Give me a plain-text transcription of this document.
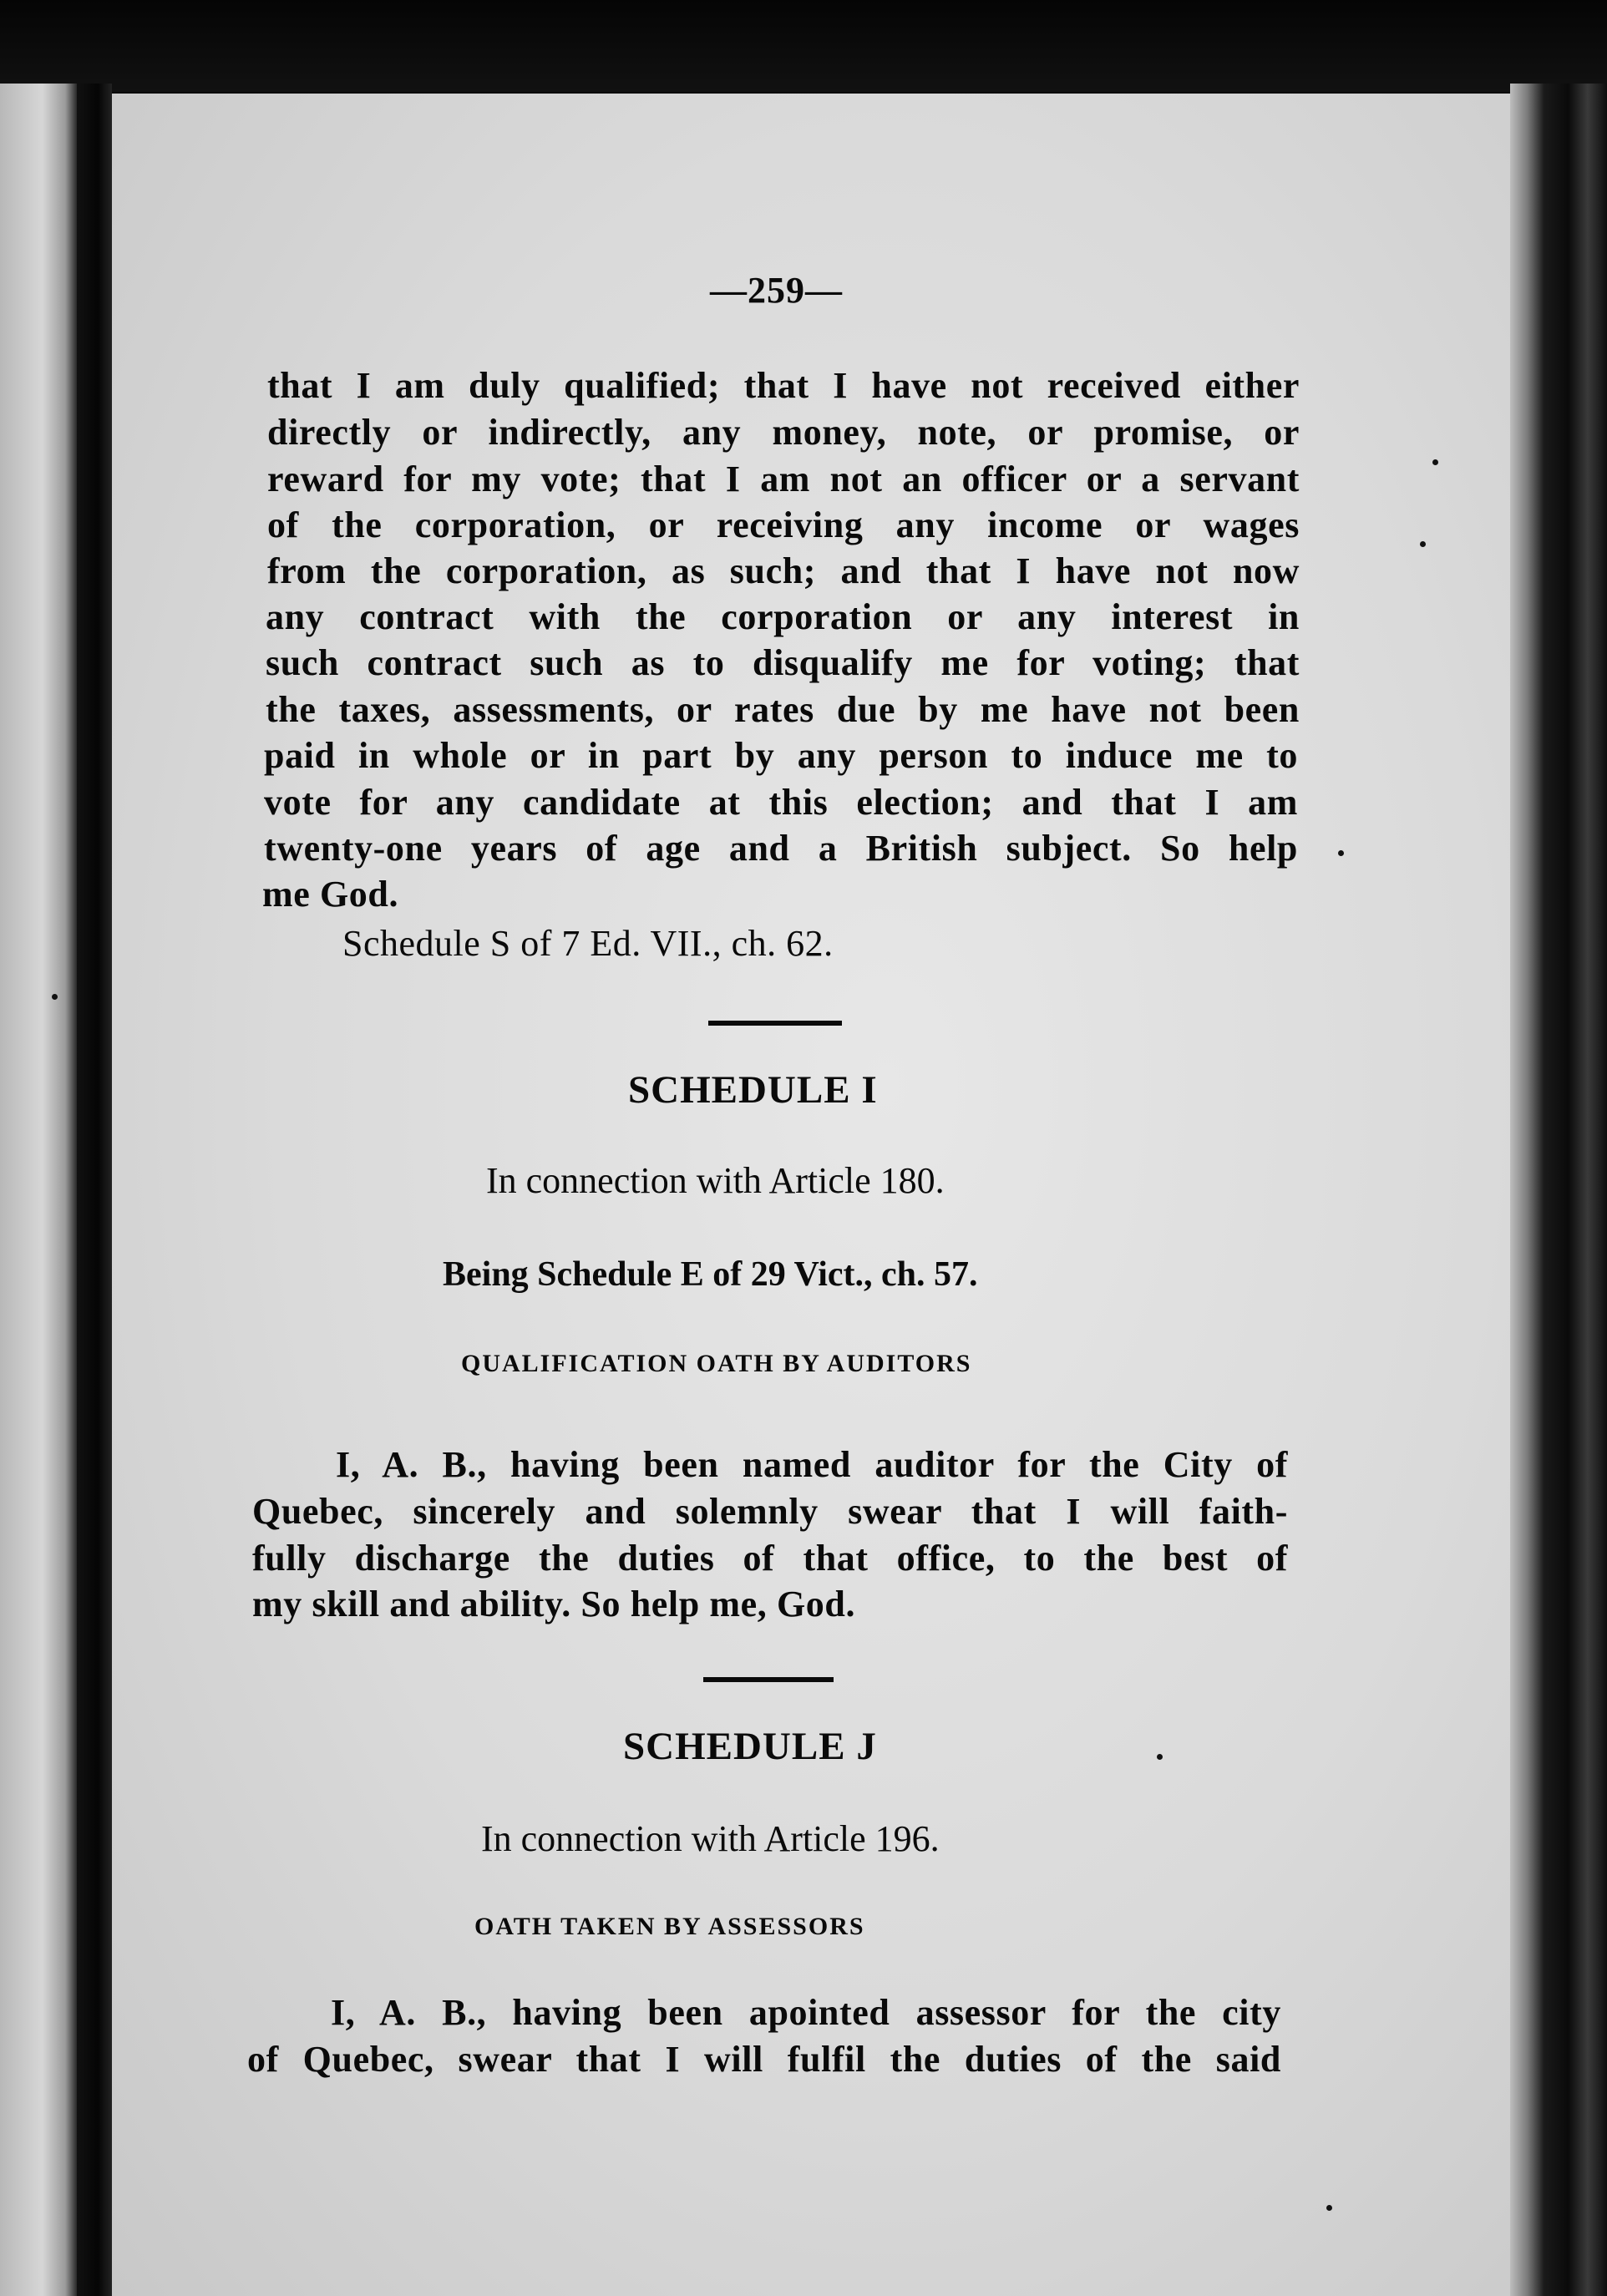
—259—
that I am duly qualified; that I have not received either
directly or indirectly, any money, note, or promise, or
reward for my vote; that I am not an officer or a servant
of the corporation, or receiving any income or wages
from the corporation, as such; and that I have not now
any contract with the corporation or any interest in
such contract such as to disqualify me for voting; that
the taxes, assessments, or rates due by me have not been
paid in whole or in part by any person to induce me to
vote for any candidate at this election; and that I am
twenty-one years of age and a British subject. So help
me God.
Schedule S of 7 Ed. VII., ch. 62.
SCHEDULE I
In connection with Article 180.
Being Schedule E of 29 Vict., ch. 57.
QUALIFICATION OATH BY AUDITORS
I, A. B., having been named auditor for the City of
Quebec, sincerely and solemnly swear that I will faith-
fully discharge the duties of that office, to the best of
my skill and ability. So help me, God.
SCHEDULE J
In connection with Article 196.
OATH TAKEN BY ASSESSORS
I, A. B., having been apointed assessor for the city
of Quebec, swear that I will fulfil the duties of the said
